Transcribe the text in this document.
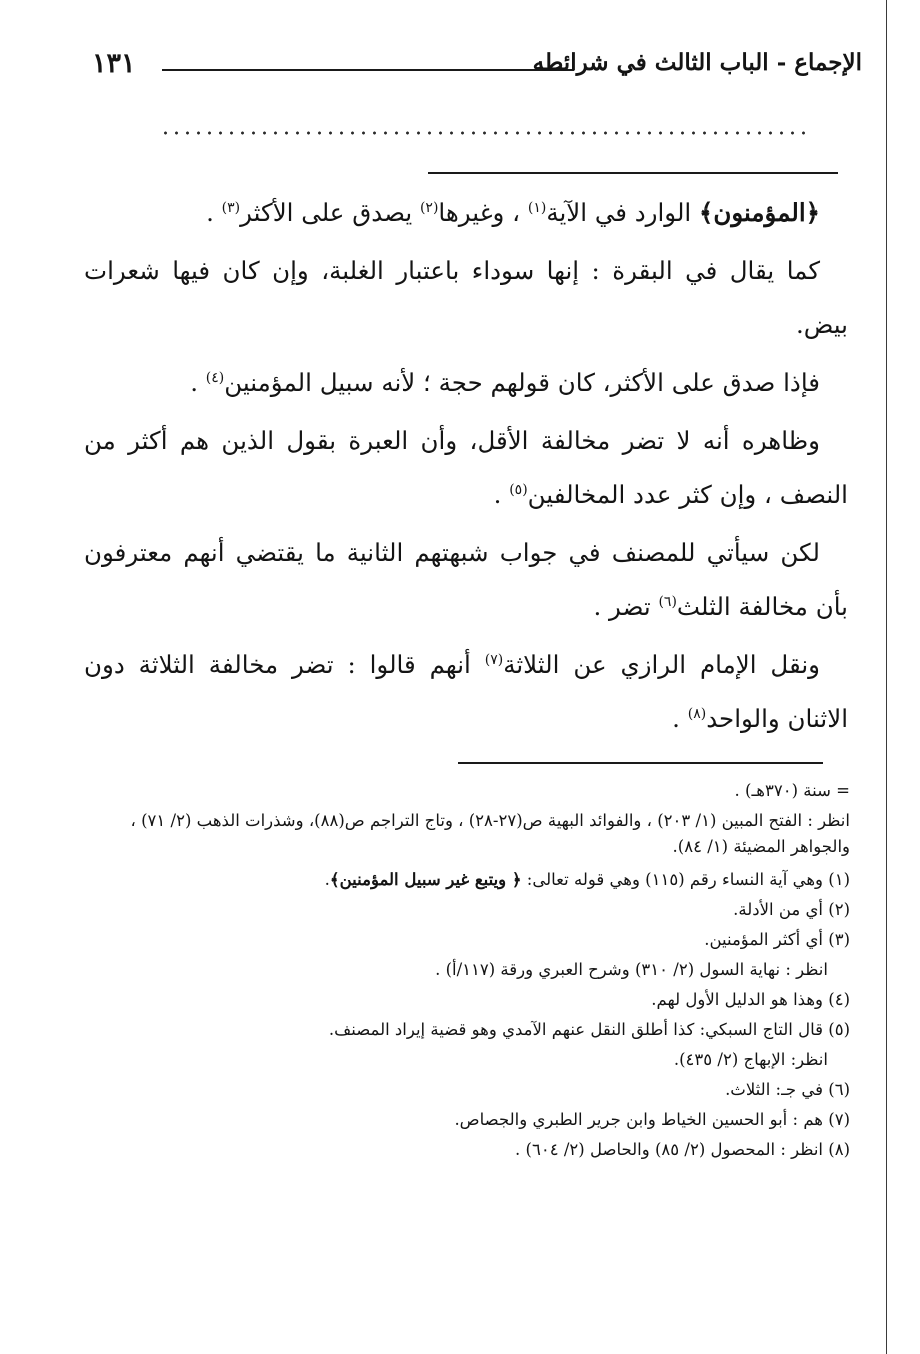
١٣١	الإجماع - الباب الثالث في شرائطه

﴿المؤمنون﴾ الوارد في الآية$^{(١)}$ ، وغيرها$^{(٢)}$ يصدق على الأكثر$^{(٣)}$ .

كما يقال في البقرة : إنها سوداء باعتبار الغلبة، وإن كان فيها شعرات بيض.

فإذا صدق على الأكثر، كان قولهم حجة ؛ لأنه سبيل المؤمنين$^{(٤)}$ .

وظاهره أنه لا تضر مخالفة الأقل، وأن العبرة بقول الذين هم أكثر من النصف ، وإن كثر عدد المخالفين$^{(٥)}$ .

لكن سيأتي للمصنف في جواب شبهتهم الثانية ما يقتضي أنهم معترفون بأن مخالفة الثلث$^{(٦)}$ تضر .

ونقل الإمام الرازي عن الثلاثة$^{(٧)}$ أنهم قالوا : تضر مخالفة الثلاثة دون الاثنان والواحد$^{(٨)}$ .

= سنة (٣٧٠هـ) .
انظر : الفتح المبين (١/ ٢٠٣) ، والفوائد البهية ص(٢٧-٢٨) ، وتاج التراجم ص(٨٨)، وشذرات الذهب (٢/ ٧١) ، والجواهر المضيئة (١/ ٨٤).
(١) وهي آية النساء رقم (١١٥) وهي قوله تعالى: ﴿ ويتبع غير سبيل المؤمنين﴾.
(٢) أي من الأدلة.
(٣) أي أكثر المؤمنين.
انظر : نهاية السول (٢/ ٣١٠) وشرح العبري ورقة (١١٧/أ) .
(٤) وهذا هو الدليل الأول لهم.
(٥) قال التاج السبكي: كذا أطلق النقل عنهم الآمدي وهو قضية إيراد المصنف.
انظر: الإبهاج (٢/ ٤٣٥).
(٦) في جـ: الثلاث.
(٧) هم : أبو الحسين الخياط وابن جرير الطبري والجصاص.
(٨) انظر : المحصول (٢/ ٨٥) والحاصل (٢/ ٦٠٤) .
